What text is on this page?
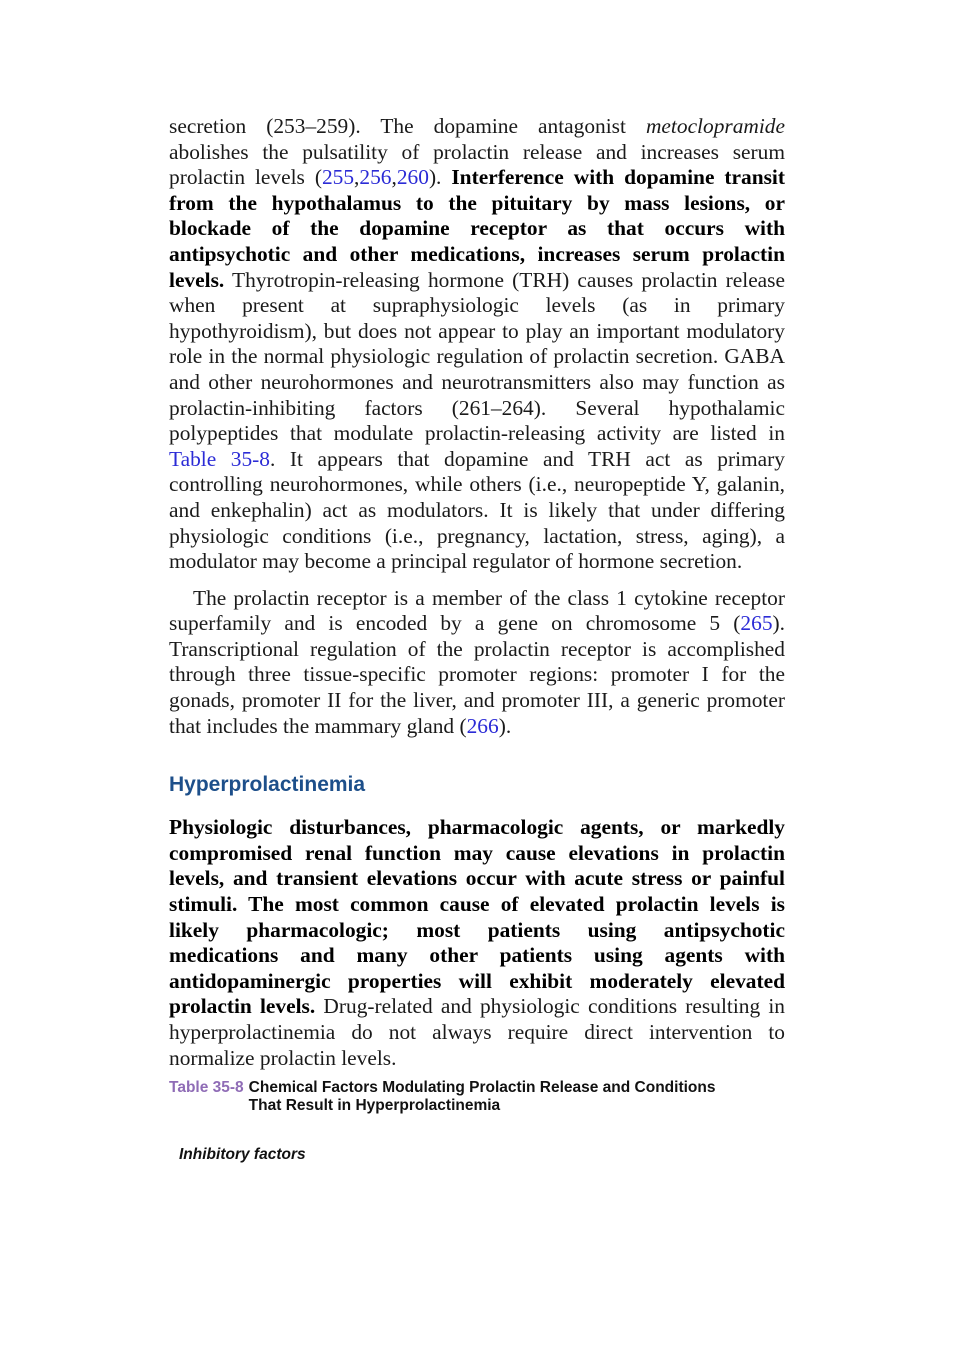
secretion (253–259). The dopamine antagonist metoclopramide abolishes the pulsatility of prolactin release and increases serum prolactin levels (255,256,260). Interference with dopamine transit from the hypothalamus to the pituitary by mass lesions, or blockade of the dopamine receptor as that occurs with antipsychotic and other medications, increases serum prolactin levels. Thyrotropin-releasing hormone (TRH) causes prolactin release when present at supraphysiologic levels (as in primary hypothyroidism), but does not appear to play an important modulatory role in the normal physiologic regulation of prolactin secretion. GABA and other neurohormones and neurotransmitters also may function as prolactin-inhibiting factors (261–264). Several hypothalamic polypeptides that modulate prolactin-releasing activity are listed in Table 35-8. It appears that dopamine and TRH act as primary controlling neurohormones, while others (i.e., neuropeptide Y, galanin, and enkephalin) act as modulators. It is likely that under differing physiologic conditions (i.e., pregnancy, lactation, stress, aging), a modulator may become a principal regulator of hormone secretion.

The prolactin receptor is a member of the class 1 cytokine receptor superfamily and is encoded by a gene on chromosome 5 (265). Transcriptional regulation of the prolactin receptor is accomplished through three tissue-specific promoter regions: promoter I for the gonads, promoter II for the liver, and promoter III, a generic promoter that includes the mammary gland (266).

Hyperprolactinemia

Physiologic disturbances, pharmacologic agents, or markedly compromised renal function may cause elevations in prolactin levels, and transient elevations occur with acute stress or painful stimuli. The most common cause of elevated prolactin levels is likely pharmacologic; most patients using antipsychotic medications and many other patients using agents with antidopaminergic properties will exhibit moderately elevated prolactin levels. Drug-related and physiologic conditions resulting in hyperprolactinemia do not always require direct intervention to normalize prolactin levels.

Table 35-8 Chemical Factors Modulating Prolactin Release and Conditions
That Result in Hyperprolactinemia
Inhibitory factors
